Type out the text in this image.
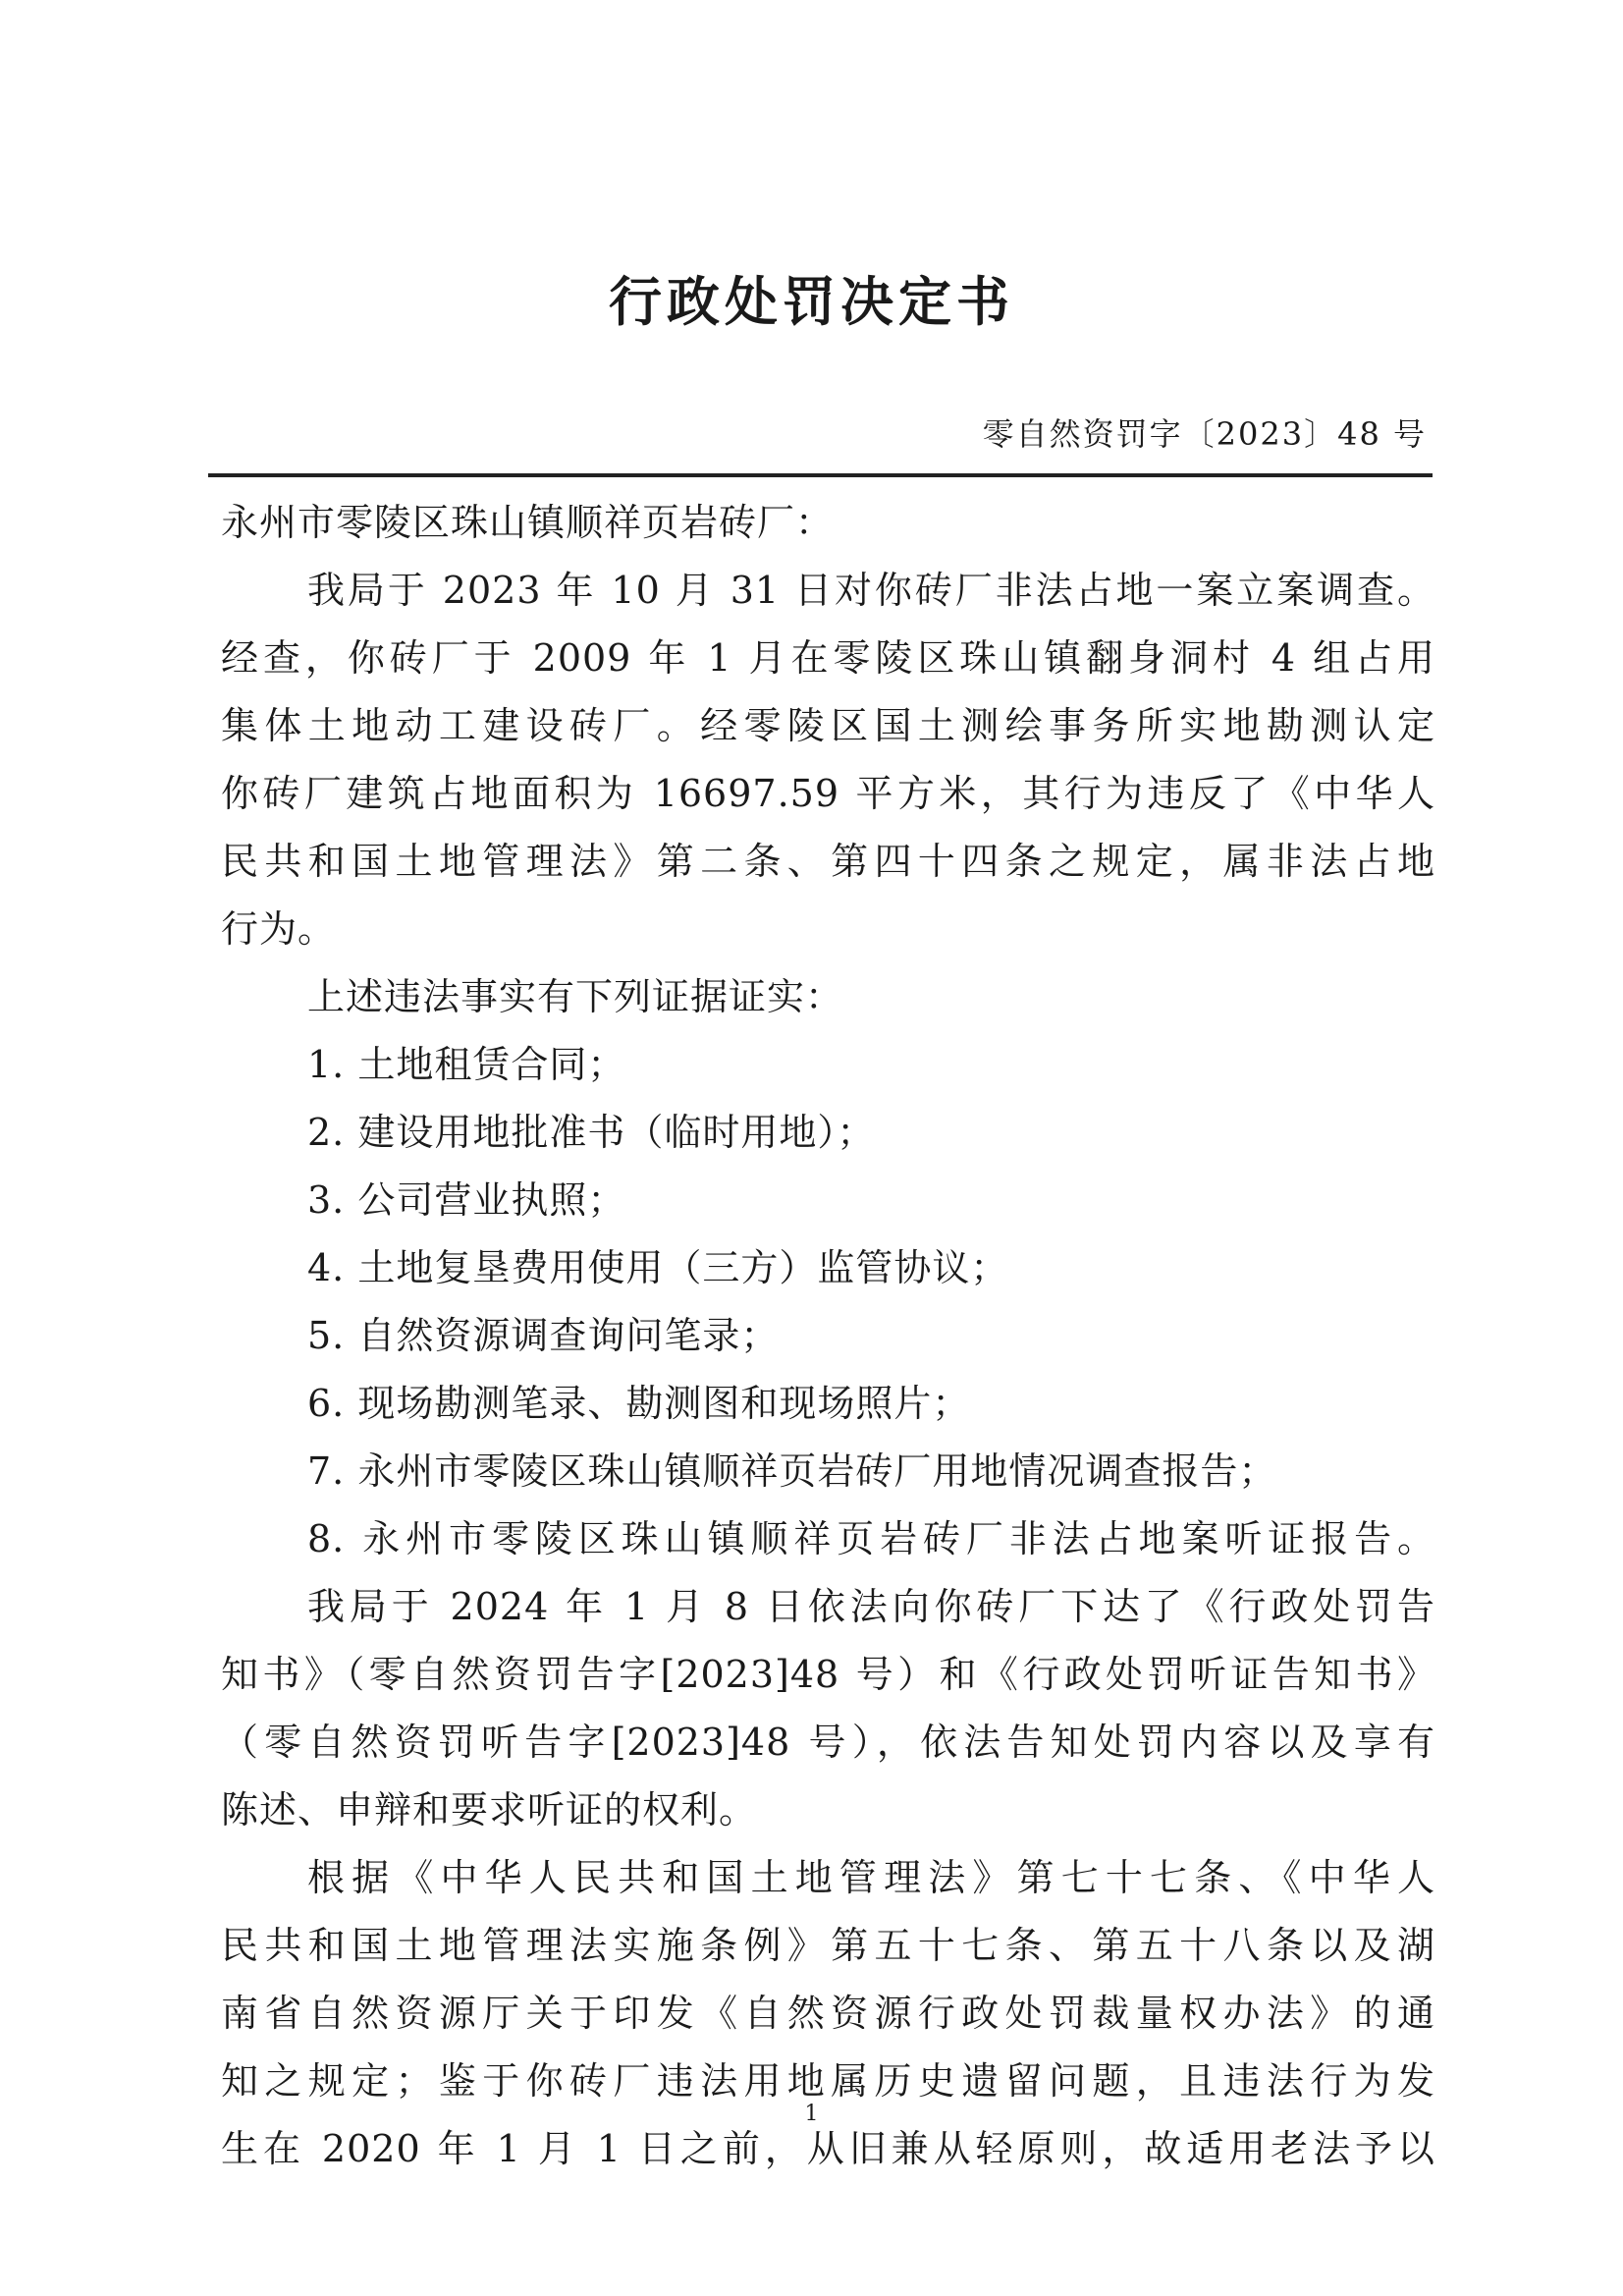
行政处罚决定书
零自然资罚字〔2023〕48 号
永州市零陵区珠山镇顺祥页岩砖厂：
我局于 2023 年 10 月 31 日对你砖厂非法占地一案立案调查。
经查，你砖厂于 2009 年 1 月在零陵区珠山镇翻身洞村 4 组占用
集体土地动工建设砖厂。经零陵区国土测绘事务所实地勘测认定
你砖厂建筑占地面积为 16697.59 平方米，其行为违反了《中华人
民共和国土地管理法》第二条、第四十四条之规定，属非法占地
行为。
上述违法事实有下列证据证实：
1. 土地租赁合同；
2. 建设用地批准书（临时用地）；
3. 公司营业执照；
4. 土地复垦费用使用（三方）监管协议；
5. 自然资源调查询问笔录；
6. 现场勘测笔录、勘测图和现场照片；
7. 永州市零陵区珠山镇顺祥页岩砖厂用地情况调查报告；
8. 永州市零陵区珠山镇顺祥页岩砖厂非法占地案听证报告。
我局于 2024 年 1 月 8 日依法向你砖厂下达了《行政处罚告
知书》（零自然资罚告字[2023]48 号）和《行政处罚听证告知书》
（零自然资罚听告字[2023]48 号），依法告知处罚内容以及享有
陈述、申辩和要求听证的权利。
根据《中华人民共和国土地管理法》第七十七条、《中华人
民共和国土地管理法实施条例》第五十七条、第五十八条以及湖
南省自然资源厅关于印发《自然资源行政处罚裁量权办法》的通
知之规定；鉴于你砖厂违法用地属历史遗留问题，且违法行为发
生在 2020 年 1 月 1 日之前，从旧兼从轻原则，故适用老法予以
1
